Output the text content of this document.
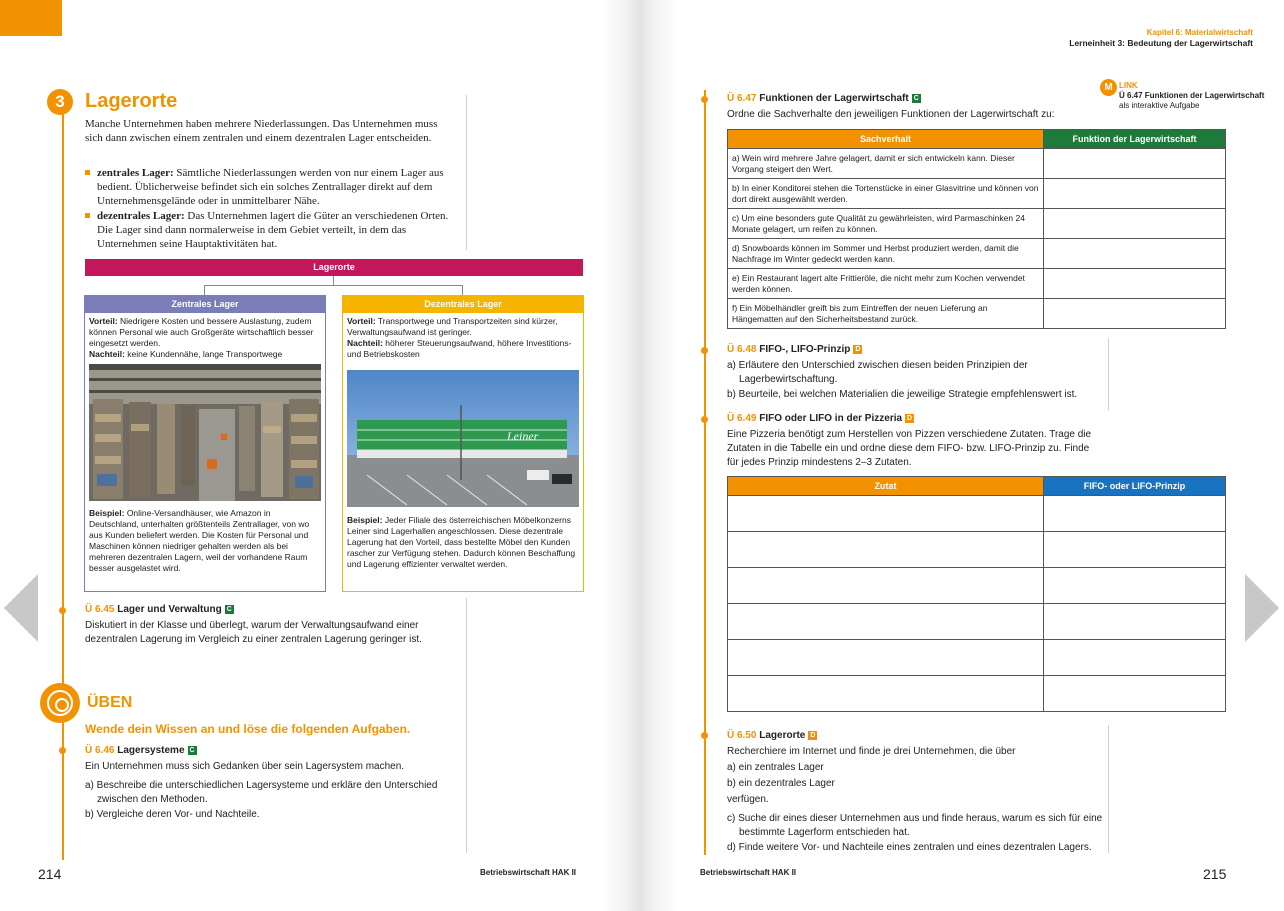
3	Lagerorte
Manche Unternehmen haben mehrere Niederlassungen. Das Unternehmen muss sich dann zwischen einem zentralen und einem dezentralen Lager entscheiden.
zentrales Lager: Sämtliche Niederlassungen werden von nur einem Lager aus bedient. Üblicherweise befindet sich ein solches Zentrallager direkt auf dem Unternehmensgelände oder in unmittelbarer Nähe.
dezentrales Lager: Das Unternehmen lagert die Güter an verschiedenen Orten. Die Lager sind dann normalerweise in dem Gebiet verteilt, in dem das Unternehmen seine Hauptaktivitäten hat.
Lagerorte
Zentrales Lager
Vorteil: Niedrigere Kosten und bessere Auslastung, zudem können Personal wie auch Großgeräte wirtschaftlich besser eingesetzt werden.
Nachteil: keine Kundennähe, lange Transportwege
Beispiel: Online-Versandhäuser, wie Amazon in Deutschland, unterhalten größtenteils Zentrallager, von wo aus Kunden beliefert werden. Die Kosten für Personal und Maschinen können niedriger gehalten werden als bei mehreren dezentralen Lagern, weil der vorhandene Raum besser ausgelastet wird.
Dezentrales Lager
Vorteil: Transportwege und Transportzeiten sind kürzer, Verwaltungsaufwand ist geringer.
Nachteil: höherer Steuerungsaufwand, höhere Investitions- und Betriebskosten
Leiner
Beispiel: Jeder Filiale des österreichischen Möbelkonzerns Leiner sind Lagerhallen angeschlossen. Diese dezentrale Lagerung hat den Vorteil, dass bestellte Möbel den Kunden rascher zur Verfügung stehen. Dadurch können Beschaffung und Lagerung effizienter verwaltet werden.
Ü 6.45 Lager und Verwaltung C
Diskutiert in der Klasse und überlegt, warum der Verwaltungsaufwand einer dezentralen Lagerung im Vergleich zu einer zentralen Lagerung geringer ist.
ÜBEN
Wende dein Wissen an und löse die folgenden Aufgaben.
Ü 6.46 Lagersysteme C
Ein Unternehmen muss sich Gedanken über sein Lagersystem machen.
a) Beschreibe die unterschiedlichen Lagersysteme und erkläre den Unterschied zwischen den Methoden.
b) Vergleiche deren Vor- und Nachteile.
214	Betriebswirtschaft HAK II
Kapitel 6: Materialwirtschaft
Lerneinheit 3: Bedeutung der Lagerwirtschaft
M LINK
Ü 6.47 Funktionen der Lagerwirtschaft
als interaktive Aufgabe
Ü 6.47 Funktionen der Lagerwirtschaft C
Ordne die Sachverhalte den jeweiligen Funktionen der Lagerwirtschaft zu:
Sachverhalt	Funktion der Lagerwirtschaft
a) Wein wird mehrere Jahre gelagert, damit er sich entwickeln kann. Dieser Vorgang steigert den Wert.	
b) In einer Konditorei stehen die Tortenstücke in einer Glasvitrine und können von dort direkt ausgewählt werden.	
c) Um eine besonders gute Qualität zu gewährleisten, wird Parmaschinken 24 Monate gelagert, um reifen zu können.	
d) Snowboards können im Sommer und Herbst produziert werden, damit die Nachfrage im Winter gedeckt werden kann.	
e) Ein Restaurant lagert alte Frittieröle, die nicht mehr zum Kochen verwendet werden können.	
f) Ein Möbelhändler greift bis zum Eintreffen der neuen Lieferung an Hängematten auf den Sicherheitsbestand zurück.	
Ü 6.48 FIFO-, LIFO-Prinzip D
a) Erläutere den Unterschied zwischen diesen beiden Prinzipien der Lagerbewirtschaftung.
b) Beurteile, bei welchen Materialien die jeweilige Strategie empfehlenswert ist.
Ü 6.49 FIFO oder LIFO in der Pizzeria D
Eine Pizzeria benötigt zum Herstellen von Pizzen verschiedene Zutaten. Trage die Zutaten in die Tabelle ein und ordne diese dem FIFO- bzw. LIFO-Prinzip zu. Finde für jedes Prinzip mindestens 2–3 Zutaten.
Zutat	FIFO- oder LIFO-Prinzip

Ü 6.50 Lagerorte D
Recherchiere im Internet und finde je drei Unternehmen, die über
a) ein zentrales Lager
b) ein dezentrales Lager
verfügen.
c) Suche dir eines dieser Unternehmen aus und finde heraus, warum es sich für eine bestimmte Lagerform entschieden hat.
d) Finde weitere Vor- und Nachteile eines zentralen und eines dezentralen Lagers.
Betriebswirtschaft HAK II	215
